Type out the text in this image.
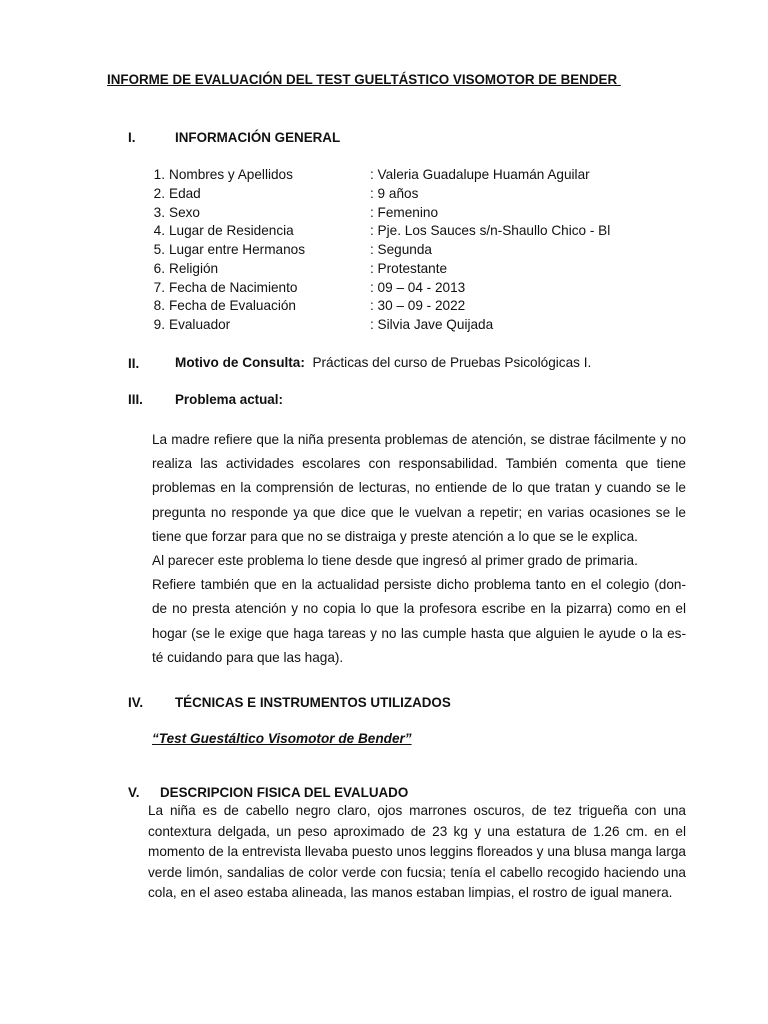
INFORME DE EVALUACIÓN DEL TEST GUELTÁSTICO VISOMOTOR DE BENDER
I.	INFORMACIÓN GENERAL
1. Nombres y Apellidos	: Valeria Guadalupe Huamán Aguilar
2. Edad	: 9 años
3. Sexo	: Femenino
4. Lugar de Residencia	: Pje. Los Sauces s/n-Shaullo Chico - Bl
5. Lugar entre Hermanos	: Segunda
6. Religión	: Protestante
7. Fecha de Nacimiento	: 09 – 04 - 2013
8. Fecha de Evaluación	: 30 – 09 - 2022
9. Evaluador	: Silvia Jave Quijada
II.	Motivo de Consulta:  Prácticas del curso de Pruebas Psicológicas I.
III. Problema actual:

La madre refiere que la niña presenta problemas de atención, se distrae fácilmente y no realiza las actividades escolares con responsabilidad. También comenta que tiene problemas en la comprensión de lecturas, no entiende de lo que tratan y cuando se le pregunta no responde ya que dice que le vuelvan a repetir; en varias ocasiones se le tiene que forzar para que no se distraiga y preste atención a lo que se le explica.

Al parecer este problema lo tiene desde que ingresó al primer grado de primaria.

Refiere también que en la actualidad persiste dicho problema tanto en el colegio (don-de no presta atención y no copia lo que la profesora escribe en la pizarra) como en el hogar (se le exige que haga tareas y no las cumple hasta que alguien le ayude o la es-té cuidando para que las haga).

IV. TÉCNICAS E INSTRUMENTOS UTILIZADOS
“Test Guestáltico Visomotor de Bender”
V. DESCRIPCION FISICA DEL EVALUADO
La niña es de cabello negro claro, ojos marrones oscuros, de tez trigueña con una contextura delgada, un peso aproximado de 23 kg y una estatura de 1.26 cm. en el momento de la entrevista llevaba puesto unos leggins floreados y una blusa manga larga verde limón, sandalias de color verde con fucsia; tenía el cabello recogido haciendo una cola, en el aseo estaba alineada, las manos estaban limpias, el rostro de igual manera.
